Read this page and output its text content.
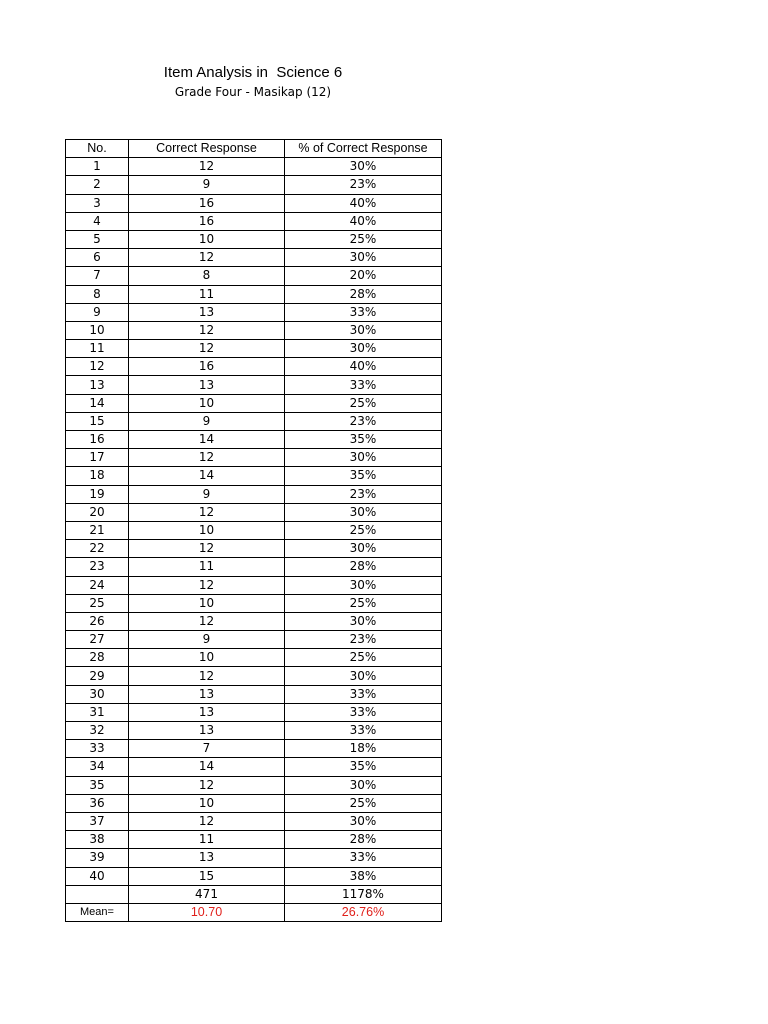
Item Analysis in  Science 6
Grade Four - Masikap (12)
No.	Correct Response	% of Correct Response
1	12	30%
2	9	23%
3	16	40%
4	16	40%
5	10	25%
6	12	30%
7	8	20%
8	11	28%
9	13	33%
10	12	30%
11	12	30%
12	16	40%
13	13	33%
14	10	25%
15	9	23%
16	14	35%
17	12	30%
18	14	35%
19	9	23%
20	12	30%
21	10	25%
22	12	30%
23	11	28%
24	12	30%
25	10	25%
26	12	30%
27	9	23%
28	10	25%
29	12	30%
30	13	33%
31	13	33%
32	13	33%
33	7	18%
34	14	35%
35	12	30%
36	10	25%
37	12	30%
38	11	28%
39	13	33%
40	15	38%
	471	1178%
Mean=	10.70	26.76%
